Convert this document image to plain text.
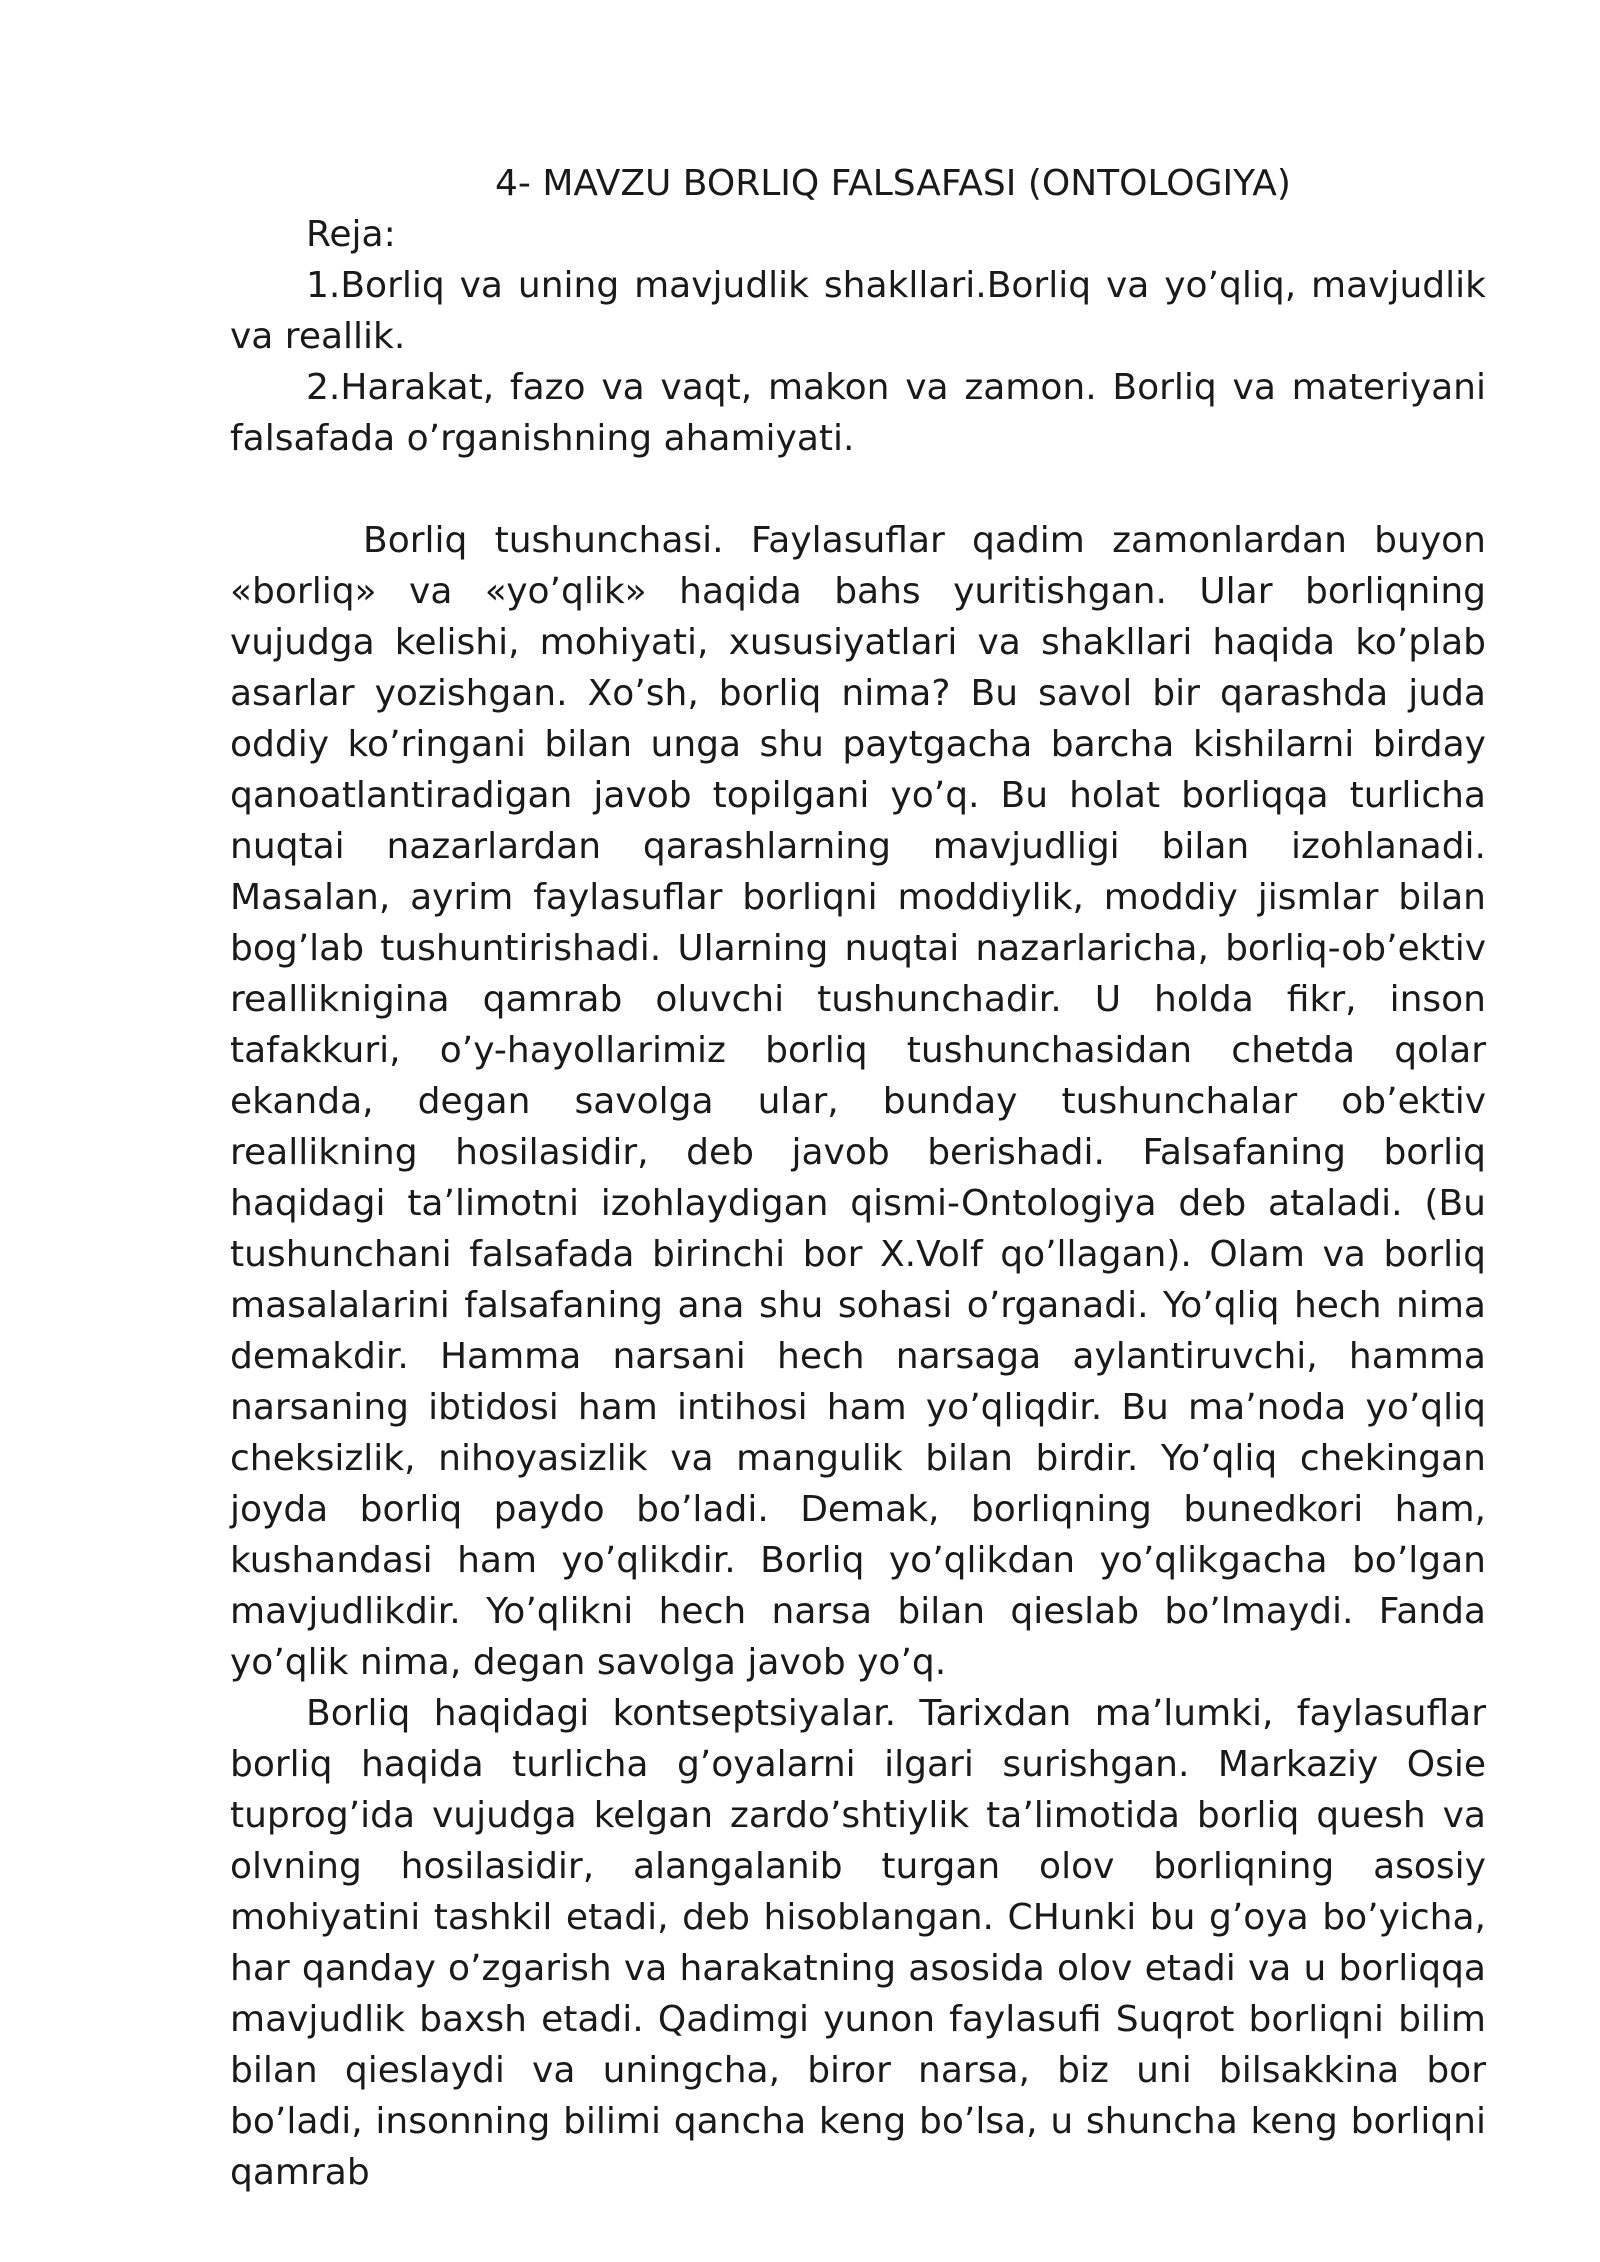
4- MAVZU BORLIQ FALSAFASI (ONTOLOGIYA)
Reja:

1.Borliq va uning mavjudlik shakllari.Borliq va yo’qliq, mavjudlik va reallik.

2.Harakat, fazo va vaqt, makon va zamon. Borliq va materiyani falsafada o’rganishning ahamiyati.

Borliq tushunchasi. Faylasuflar qadim zamonlardan buyon «borliq» va «yo’qlik» haqida bahs yuritishgan. Ular borliqning vujudga kelishi, mohiyati, xususiyatlari va shakllari haqida ko’plab asarlar yozishgan. Xo’sh, borliq nima? Bu savol bir qarashda juda oddiy ko’ringani bilan unga shu paytgacha barcha kishilarni birday qanoatlantiradigan javob topilgani yo’q. Bu holat borliqqa turlicha nuqtai nazarlardan qarashlarning mavjudligi bilan izohlanadi. Masalan, ayrim faylasuflar borliqni moddiylik, moddiy jismlar bilan bog’lab tushuntirishadi. Ularning nuqtai nazarlaricha, borliq-ob’ektiv realliknigina qamrab oluvchi tushunchadir. U holda fikr, inson tafakkuri, o’y-hayollarimiz borliq tushunchasidan chetda qolar ekanda, degan savolga ular, bunday tushunchalar ob’ektiv reallikning hosilasidir, deb javob berishadi. Falsafaning borliq haqidagi ta’limotni izohlaydigan qismi-Ontologiya deb ataladi. (Bu tushunchani falsafada birinchi bor X.Volf qo’llagan). Olam va borliq masalalarini falsafaning ana shu sohasi o’rganadi. Yo’qliq hech nima demakdir. Hamma narsani hech narsaga aylantiruvchi, hamma narsaning ibtidosi ham intihosi ham yo’qliqdir. Bu ma’noda yo’qliq cheksizlik, nihoyasizlik va mangulik bilan birdir. Yo’qliq chekingan joyda borliq paydo bo’ladi. Demak, borliqning bunedkori ham, kushandasi ham yo’qlikdir. Borliq yo’qlikdan yo’qlikgacha bo’lgan mavjudlikdir. Yo’qlikni hech narsa bilan qieslab bo’lmaydi. Fanda yo’qlik nima, degan savolga javob yo’q.

Borliq haqidagi kontseptsiyalar. Tarixdan ma’lumki, faylasuflar borliq haqida turlicha g’oyalarni ilgari surishgan. Markaziy Osie tuprog’ida vujudga kelgan zardo’shtiylik ta’limotida borliq quesh va olvning hosilasidir, alangalanib turgan olov borliqning asosiy mohiyatini tashkil etadi, deb hisoblangan. CHunki bu g’oya bo’yicha, har qanday o’zgarish va harakatning asosida olov etadi va u borliqqa mavjudlik baxsh etadi. Qadimgi yunon faylasufi Suqrot borliqni bilim bilan qieslaydi va uningcha, biror narsa, biz uni bilsakkina bor bo’ladi, insonning bilimi qancha keng bo’lsa, u shuncha keng borliqni qamrab
